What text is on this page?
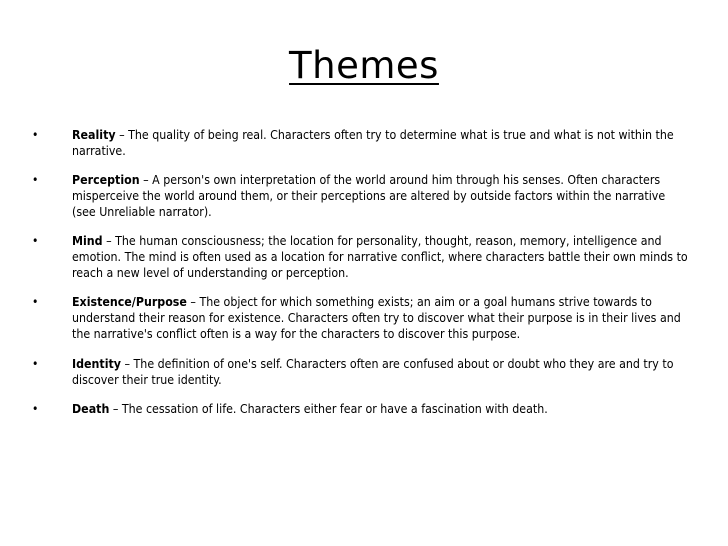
Themes
•	Reality – The quality of being real. Characters often try to determine what is true and what is not within the narrative.
•	Perception – A person's own interpretation of the world around him through his senses. Often characters misperceive the world around them, or their perceptions are altered by outside factors within the narrative (see Unreliable narrator).
•	Mind – The human consciousness; the location for personality, thought, reason, memory, intelligence and emotion. The mind is often used as a location for narrative conflict, where characters battle their own minds to reach a new level of understanding or perception.
•	Existence/Purpose – The object for which something exists; an aim or a goal humans strive towards to understand their reason for existence. Characters often try to discover what their purpose is in their lives and the narrative's conflict often is a way for the characters to discover this purpose.
•	Identity – The definition of one's self. Characters often are confused about or doubt who they are and try to discover their true identity.
•	Death – The cessation of life. Characters either fear or have a fascination with death.
